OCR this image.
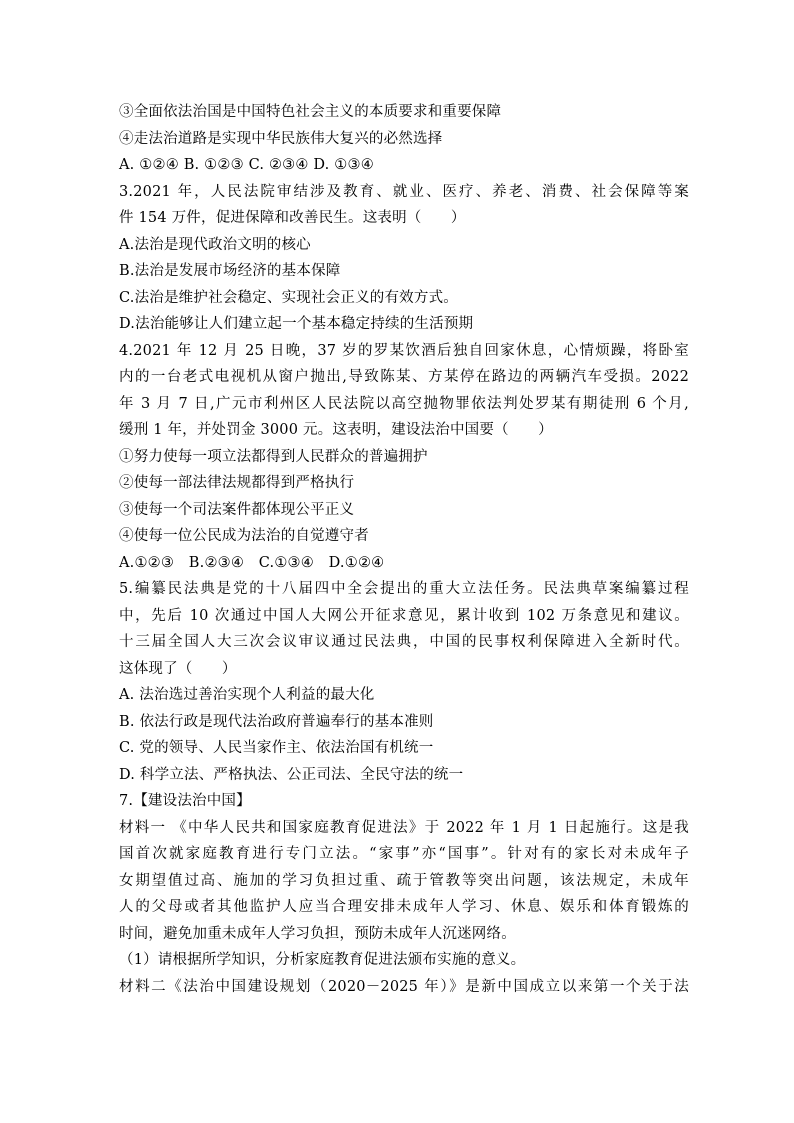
③全面依法治国是中国特色社会主义的本质要求和重要保障
④走法治道路是实现中华民族伟大复兴的必然选择
A. ①②④ B. ①②③ C. ②③④ D. ①③④
3.2021 年，人民法院审结涉及教育、就业、医疗、养老、消费、社会保障等案
件 154 万件，促进保障和改善民生。这表明（　　）
A.法治是现代政治文明的核心
B.法治是发展市场经济的基本保障
C.法治是维护社会稳定、实现社会正义的有效方式。
D.法治能够让人们建立起一个基本稳定持续的生活预期
4.2021 年 12 月 25 日晚，37 岁的罗某饮酒后独自回家休息，心情烦躁，将卧室
内的一台老式电视机从窗户抛出,导致陈某、方某停在路边的两辆汽车受损。2022
年 3 月 7 日,广元市利州区人民法院以高空抛物罪依法判处罗某有期徒刑 6 个月,
缓刑 1 年，并处罚金 3000 元。这表明，建设法治中国要（　　）
①努力使每一项立法都得到人民群众的普遍拥护
②使每一部法律法规都得到严格执行
③使每一个司法案件都体现公平正义
④使每一位公民成为法治的自觉遵守者
A.①②③　B.②③④　C.①③④　D.①②④
5.编纂民法典是党的十八届四中全会提出的重大立法任务。民法典草案编纂过程
中，先后 10 次通过中国人大网公开征求意见，累计收到 102 万条意见和建议。
十三届全国人大三次会议审议通过民法典，中国的民事权利保障进入全新时代。
这体现了（　　）
A. 法治选过善治实现个人利益的最大化
B. 依法行政是现代法治政府普遍奉行的基本准则
C. 党的领导、人民当家作主、依法治国有机统一
D. 科学立法、严格执法、公正司法、全民守法的统一
7.【建设法治中国】
材料一 《中华人民共和国家庭教育促进法》于 2022 年 1 月 1 日起施行。这是我
国首次就家庭教育进行专门立法。“家事”亦“国事”。针对有的家长对未成年子
女期望值过高、施加的学习负担过重、疏于管教等突出问题，该法规定，未成年
人的父母或者其他监护人应当合理安排未成年人学习、休息、娱乐和体育锻炼的
时间，避免加重未成年人学习负担，预防未成年人沉迷网络。
（1）请根据所学知识，分析家庭教育促进法颁布实施的意义。
材料二《法治中国建设规划（2020－2025 年）》是新中国成立以来第一个关于法
